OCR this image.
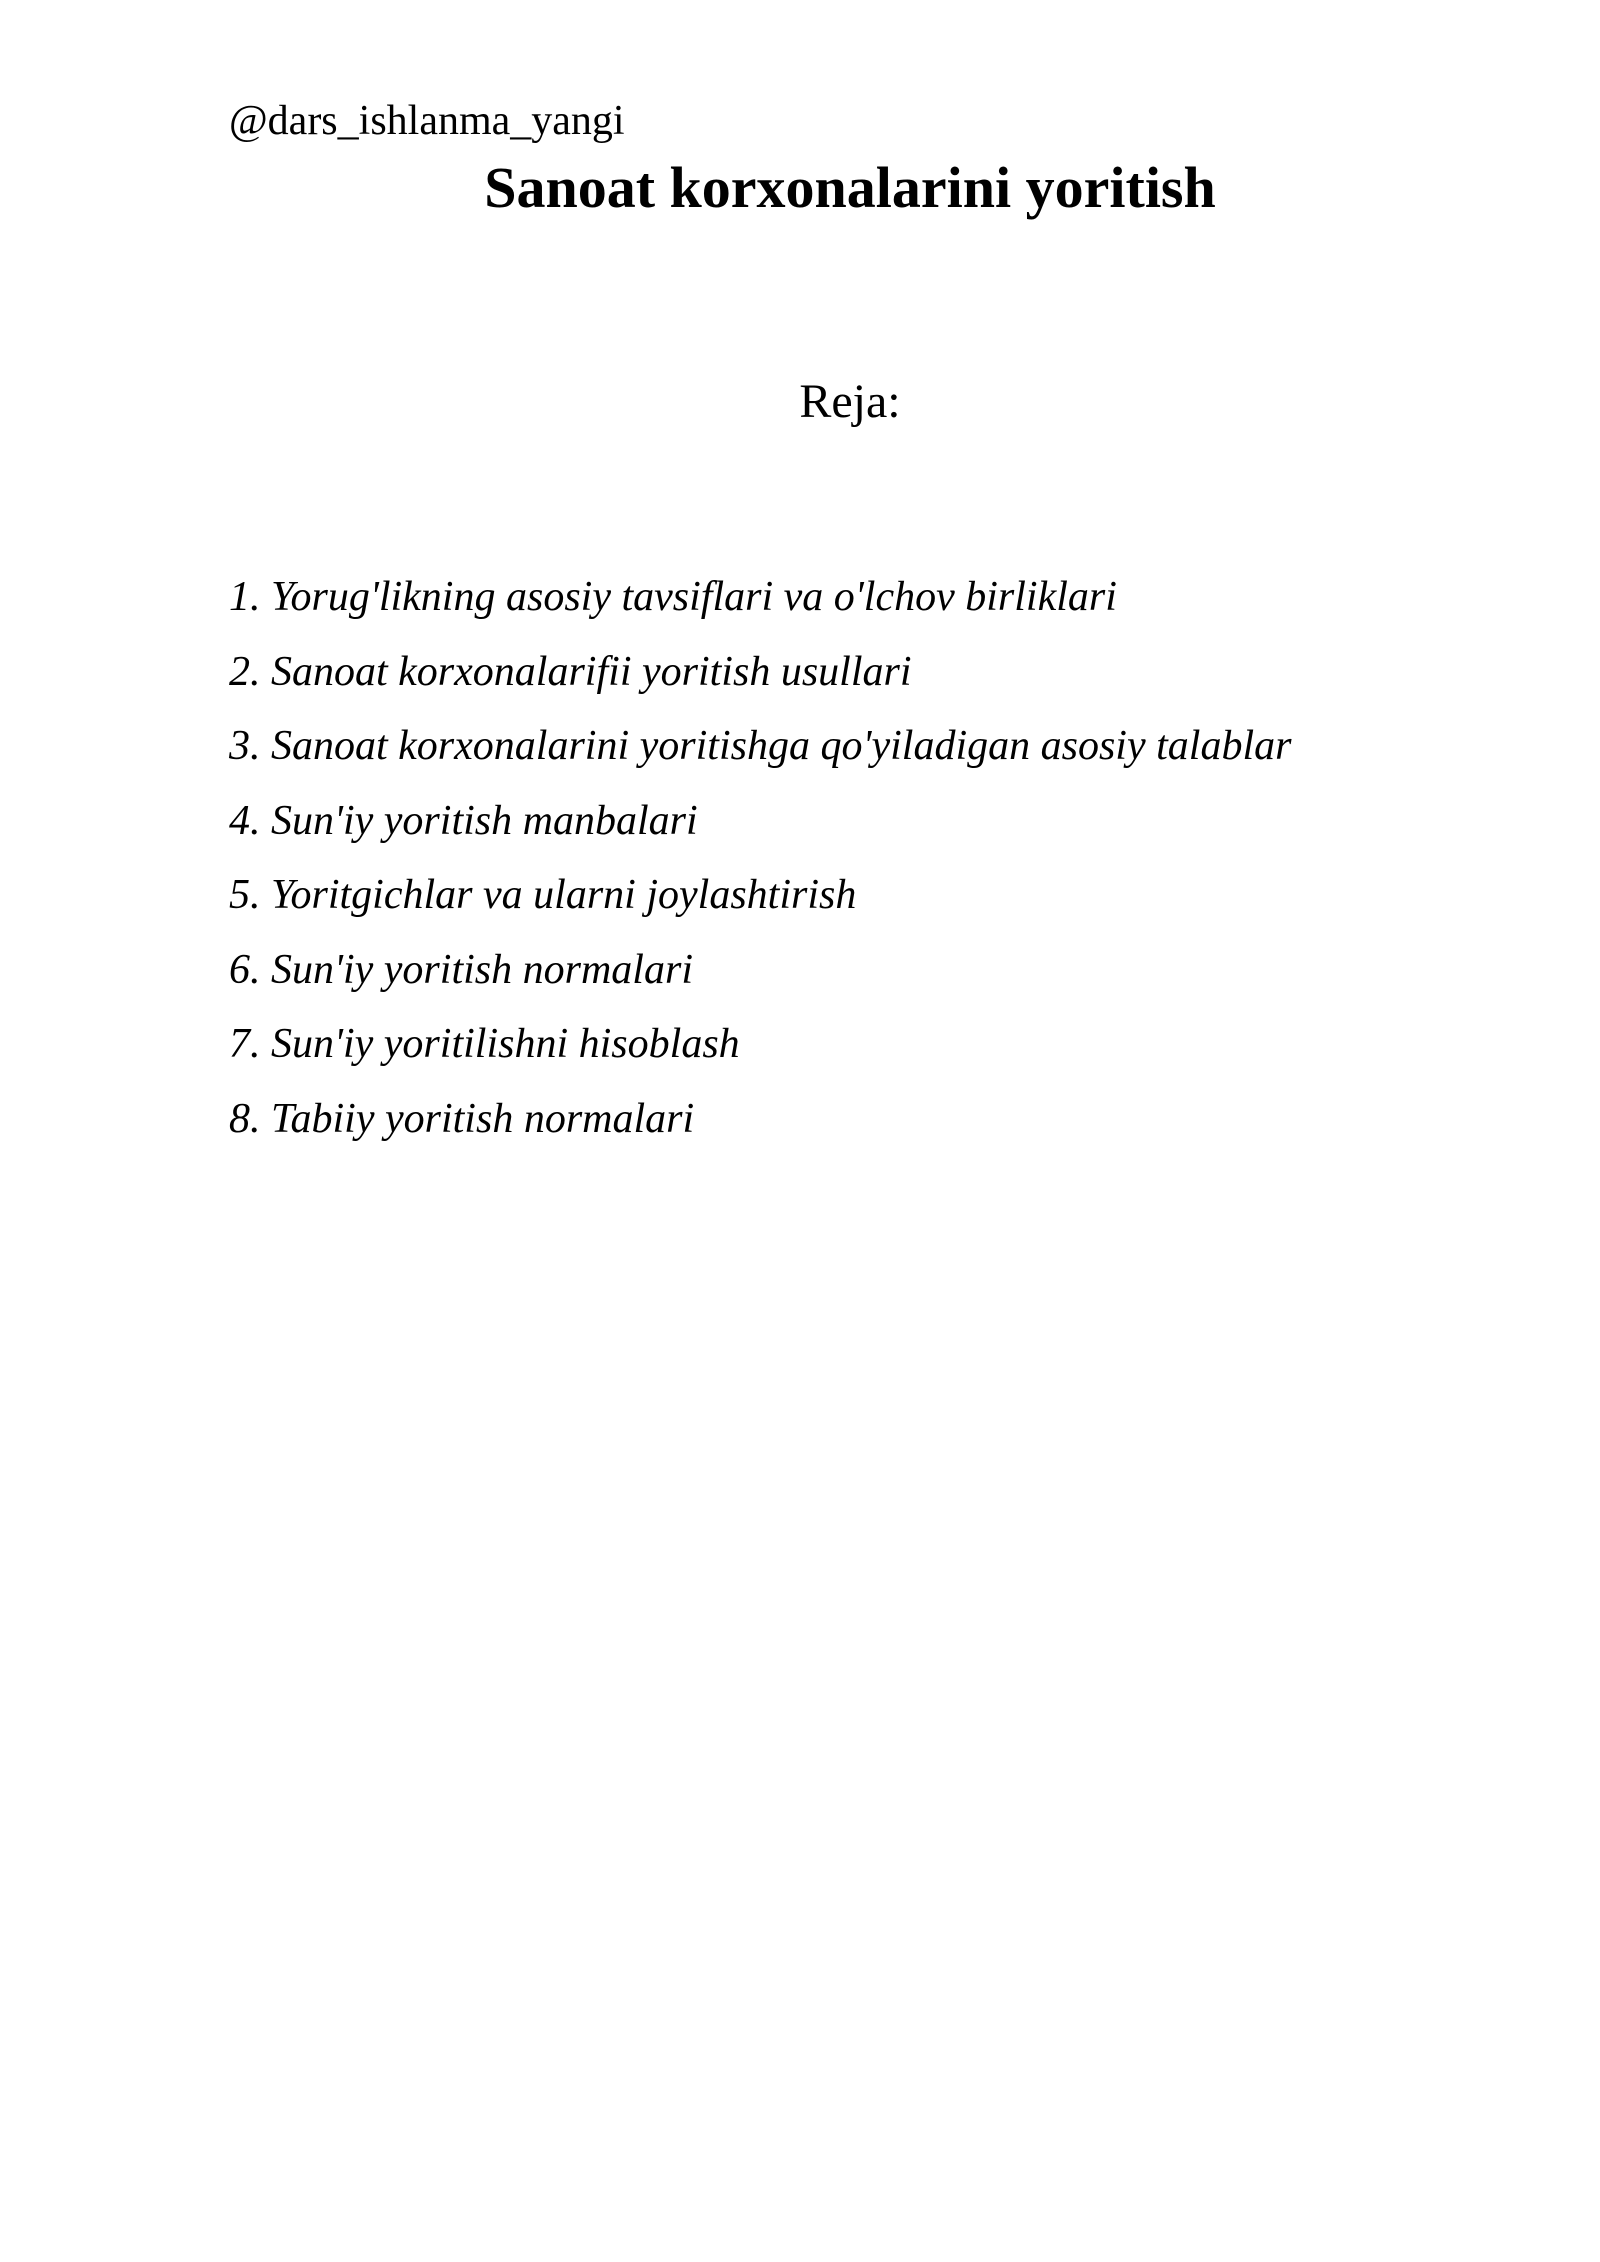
@dars_ishlanma_yangi
Sanoat korxonalarini yoritish
Reja:
1. Yorug'likning asosiy tavsiflari va o'lchov birliklari
2. Sanoat korxonalarifii yoritish usullari
3. Sanoat korxonalarini yoritishga qo'yiladigan asosiy talablar
4. Sun'iy yoritish manbalari
5. Yoritgichlar va ularni joylashtirish
6. Sun'iy yoritish normalari
7. Sun'iy yoritilishni hisoblash
8. Tabiiy yoritish normalari
